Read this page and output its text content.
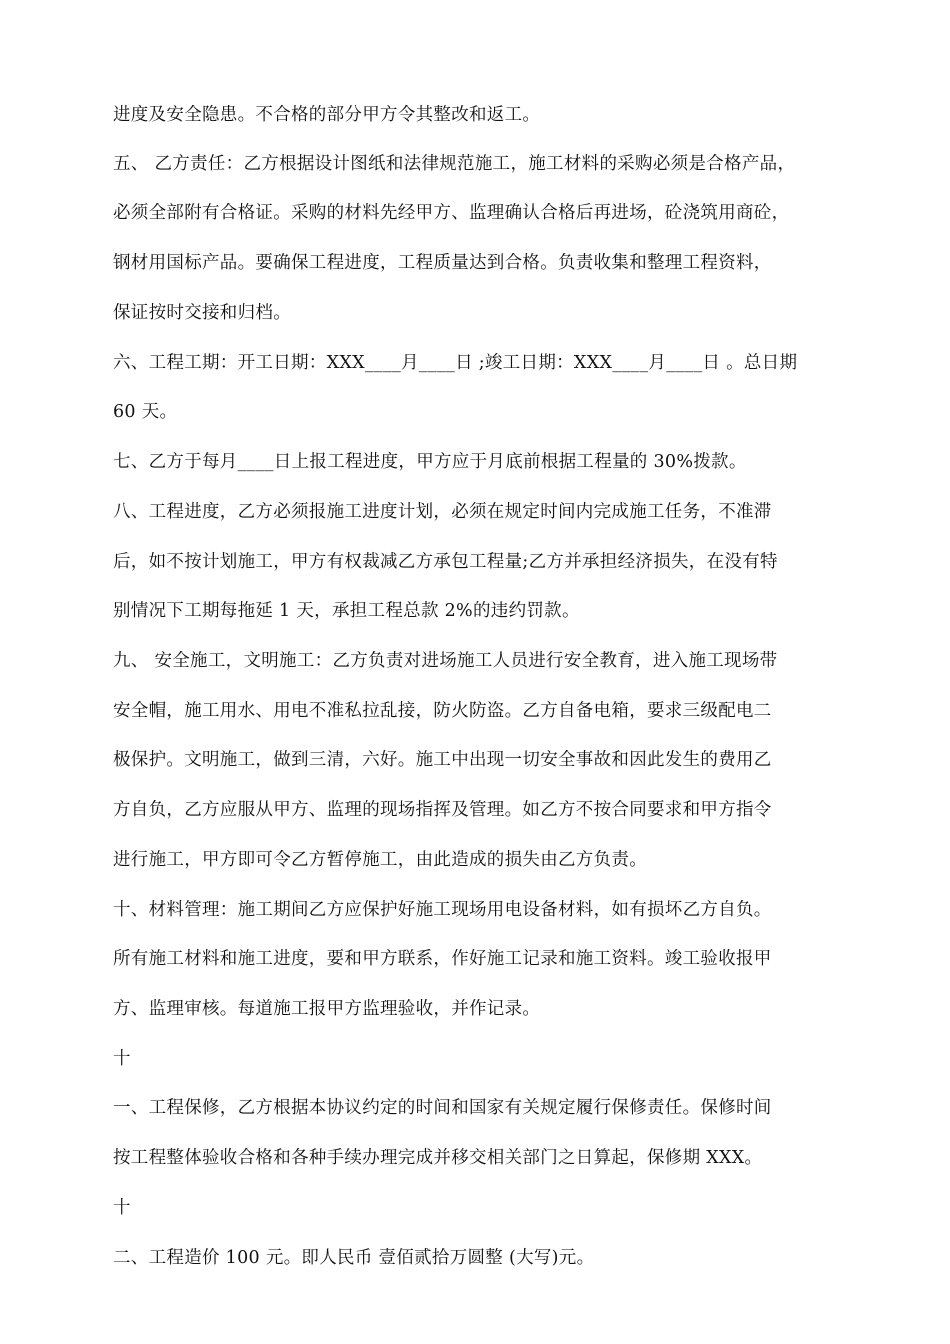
进度及安全隐患。不合格的部分甲方令其整改和返工。
五、 乙方责任：乙方根据设计图纸和法律规范施工，施工材料的采购必须是合格产品，
必须全部附有合格证。采购的材料先经甲方、监理确认合格后再进场，砼浇筑用商砼，
钢材用国标产品。要确保工程进度，工程质量达到合格。负责收集和整理工程资料，
保证按时交接和归档。
六、工程工期：开工日期：XXX____月____日 ;竣工日期：XXX____月____日 。总日期
60 天。
七、乙方于每月____日上报工程进度，甲方应于月底前根据工程量的 30%拨款。
八、工程进度，乙方必须报施工进度计划，必须在规定时间内完成施工任务，不准滞
后，如不按计划施工，甲方有权裁减乙方承包工程量;乙方并承担经济损失，在没有特
别情况下工期每拖延 1 天，承担工程总款 2%的违约罚款。
九、 安全施工，文明施工：乙方负责对进场施工人员进行安全教育，进入施工现场带
安全帽，施工用水、用电不准私拉乱接，防火防盗。乙方自备电箱，要求三级配电二
极保护。文明施工，做到三清，六好。施工中出现一切安全事故和因此发生的费用乙
方自负，乙方应服从甲方、监理的现场指挥及管理。如乙方不按合同要求和甲方指令
进行施工，甲方即可令乙方暂停施工，由此造成的损失由乙方负责。
十、材料管理：施工期间乙方应保护好施工现场用电设备材料，如有损坏乙方自负。
所有施工材料和施工进度，要和甲方联系，作好施工记录和施工资料。竣工验收报甲
方、监理审核。每道施工报甲方监理验收，并作记录。
十
一、工程保修，乙方根据本协议约定的时间和国家有关规定履行保修责任。保修时间
按工程整体验收合格和各种手续办理完成并移交相关部门之日算起，保修期 XXX。
十
二、工程造价 100 元。即人民币 壹佰贰拾万圆整 (大写)元。
